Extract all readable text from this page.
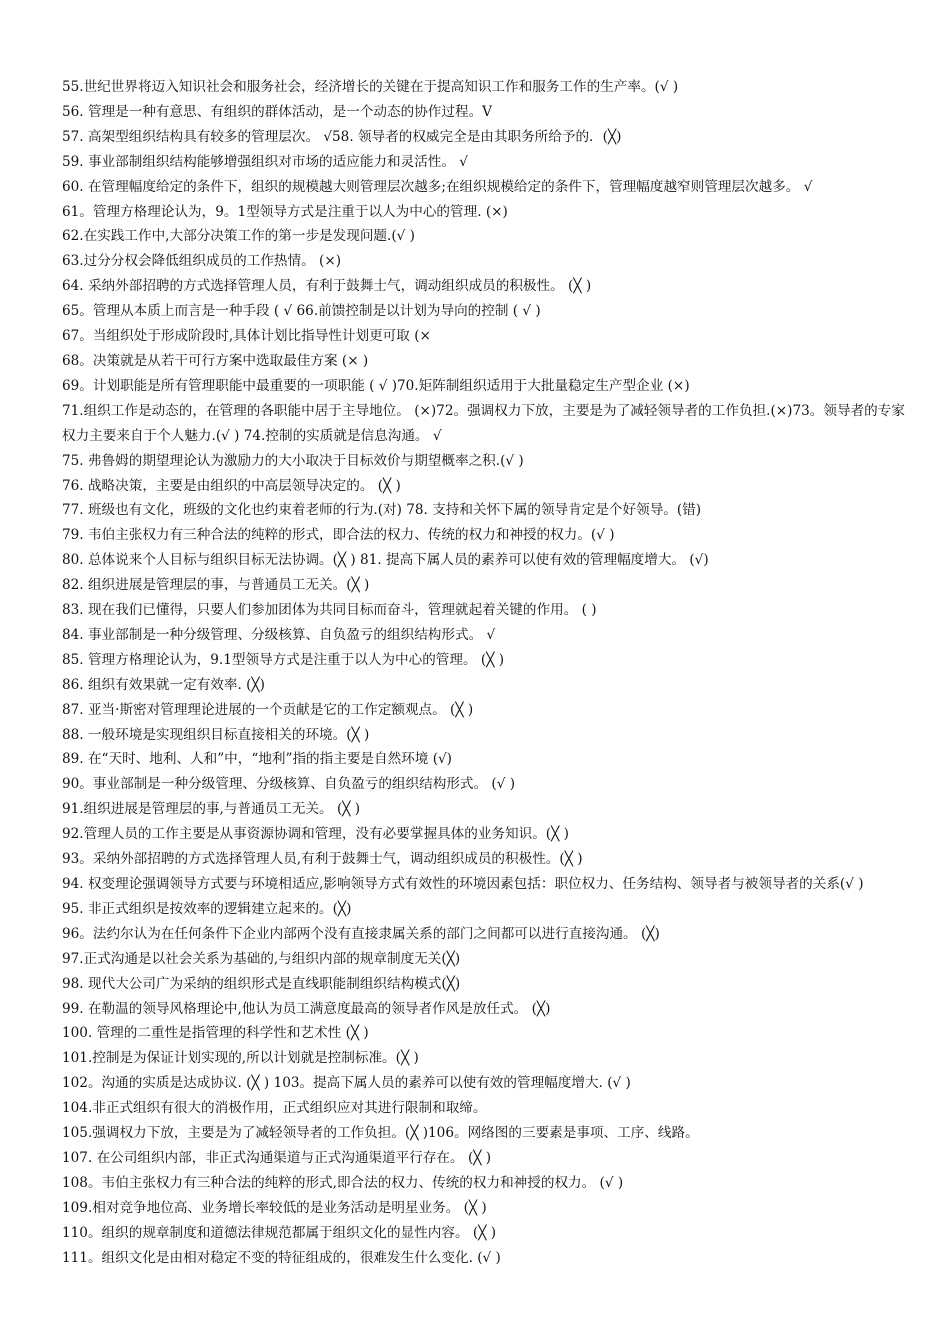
55.世纪世界将迈入知识社会和服务社会，经济增长的关键在于提高知识工作和服务工作的生产率。(√ )
56. 管理是一种有意思、有组织的群体活动，是一个动态的协作过程。V
57. 高架型组织结构具有较多的管理层次。 √58. 领导者的权威完全是由其职务所给予的．(╳)
59. 事业部制组织结构能够增强组织对市场的适应能力和灵活性。 √
60. 在管理幅度给定的条件下，组织的规模越大则管理层次越多;在组织规模给定的条件下，管理幅度越窄则管理层次越多。 √
61。管理方格理论认为，9。1型领导方式是注重于以人为中心的管理. (×)
62.在实践工作中,大部分决策工作的第一步是发现问题.(√ )
63.过分分权会降低组织成员的工作热情。 (×)
64. 采纳外部招聘的方式选择管理人员，有利于鼓舞士气，调动组织成员的积极性。 (╳ )
65。管理从本质上而言是一种手段 ( √ 66.前馈控制是以计划为导向的控制 ( √ )
67。当组织处于形成阶段时,具体计划比指导性计划更可取 (×
68。决策就是从若干可行方案中选取最佳方案 (× )
69。计划职能是所有管理职能中最重要的一项职能 ( √ )70.矩阵制组织适用于大批量稳定生产型企业 (×)
71.组织工作是动态的，在管理的各职能中居于主导地位。 (×)72。强调权力下放，主要是为了减轻领导者的工作负担.(×)73。领导者的专家权力主要来自于个人魅力.(√ ) 74.控制的实质就是信息沟通。 √
75. 弗鲁姆的期望理论认为激励力的大小取决于目标效价与期望概率之积.(√ )
76. 战略决策，主要是由组织的中高层领导决定的。 (╳ )
77. 班级也有文化，班级的文化也约束着老师的行为.(对) 78. 支持和关怀下属的领导肯定是个好领导。(错)
79. 韦伯主张权力有三种合法的纯粹的形式，即合法的权力、传统的权力和神授的权力。(√ )
80. 总体说来个人目标与组织目标无法协调。(╳ ) 81. 提高下属人员的素养可以使有效的管理幅度增大。 (√)
82. 组织进展是管理层的事，与普通员工无关。(╳ )
83. 现在我们已懂得，只要人们参加团体为共同目标而奋斗，管理就起着关键的作用。 ( )
84. 事业部制是一种分级管理、分级核算、自负盈亏的组织结构形式。 √
85. 管理方格理论认为，9.1型领导方式是注重于以人为中心的管理。 (╳ )
86. 组织有效果就一定有效率. (╳)
87. 亚当·斯密对管理理论进展的一个贡献是它的工作定额观点。 (╳ )
88. 一般环境是实现组织目标直接相关的环境。(╳ )
89. 在“天时、地利、人和”中，“地利”指的指主要是自然环境 (√)
90。事业部制是一种分级管理、分级核算、自负盈亏的组织结构形式。 (√ )
91.组织进展是管理层的事,与普通员工无关。 (╳ )
92.管理人员的工作主要是从事资源协调和管理，没有必要掌握具体的业务知识。(╳ )
93。采纳外部招聘的方式选择管理人员,有利于鼓舞士气，调动组织成员的积极性。(╳ )
94. 权变理论强调领导方式要与环境相适应,影响领导方式有效性的环境因素包括：职位权力、任务结构、领导者与被领导者的关系(√ )
95. 非正式组织是按效率的逻辑建立起来的。(╳)
96。法约尔认为在任何条件下企业内部两个没有直接隶属关系的部门之间都可以进行直接沟通。 (╳)
97.正式沟通是以社会关系为基础的,与组织内部的规章制度无关(╳)
98. 现代大公司广为采纳的组织形式是直线职能制组织结构模式(╳)
99. 在勒温的领导风格理论中,他认为员工满意度最高的领导者作风是放任式。 (╳)
100. 管理的二重性是指管理的科学性和艺术性 (╳ )
101.控制是为保证计划实现的,所以计划就是控制标准。(╳ )
102。沟通的实质是达成协议. (╳ ) 103。提高下属人员的素养可以使有效的管理幅度增大. (√ )
104.非正式组织有很大的消极作用，正式组织应对其进行限制和取缔。
105.强调权力下放，主要是为了减轻领导者的工作负担。(╳ )106。网络图的三要素是事项、工序、线路。
107. 在公司组织内部，非正式沟通渠道与正式沟通渠道平行存在。 (╳ )
108。韦伯主张权力有三种合法的纯粹的形式,即合法的权力、传统的权力和神授的权力。 (√ )
109.相对竞争地位高、业务增长率较低的是业务活动是明星业务。 (╳ )
110。组织的规章制度和道德法律规范都属于组织文化的显性内容。 (╳ )
111。组织文化是由相对稳定不变的特征组成的，很难发生什么变化. (√ )
